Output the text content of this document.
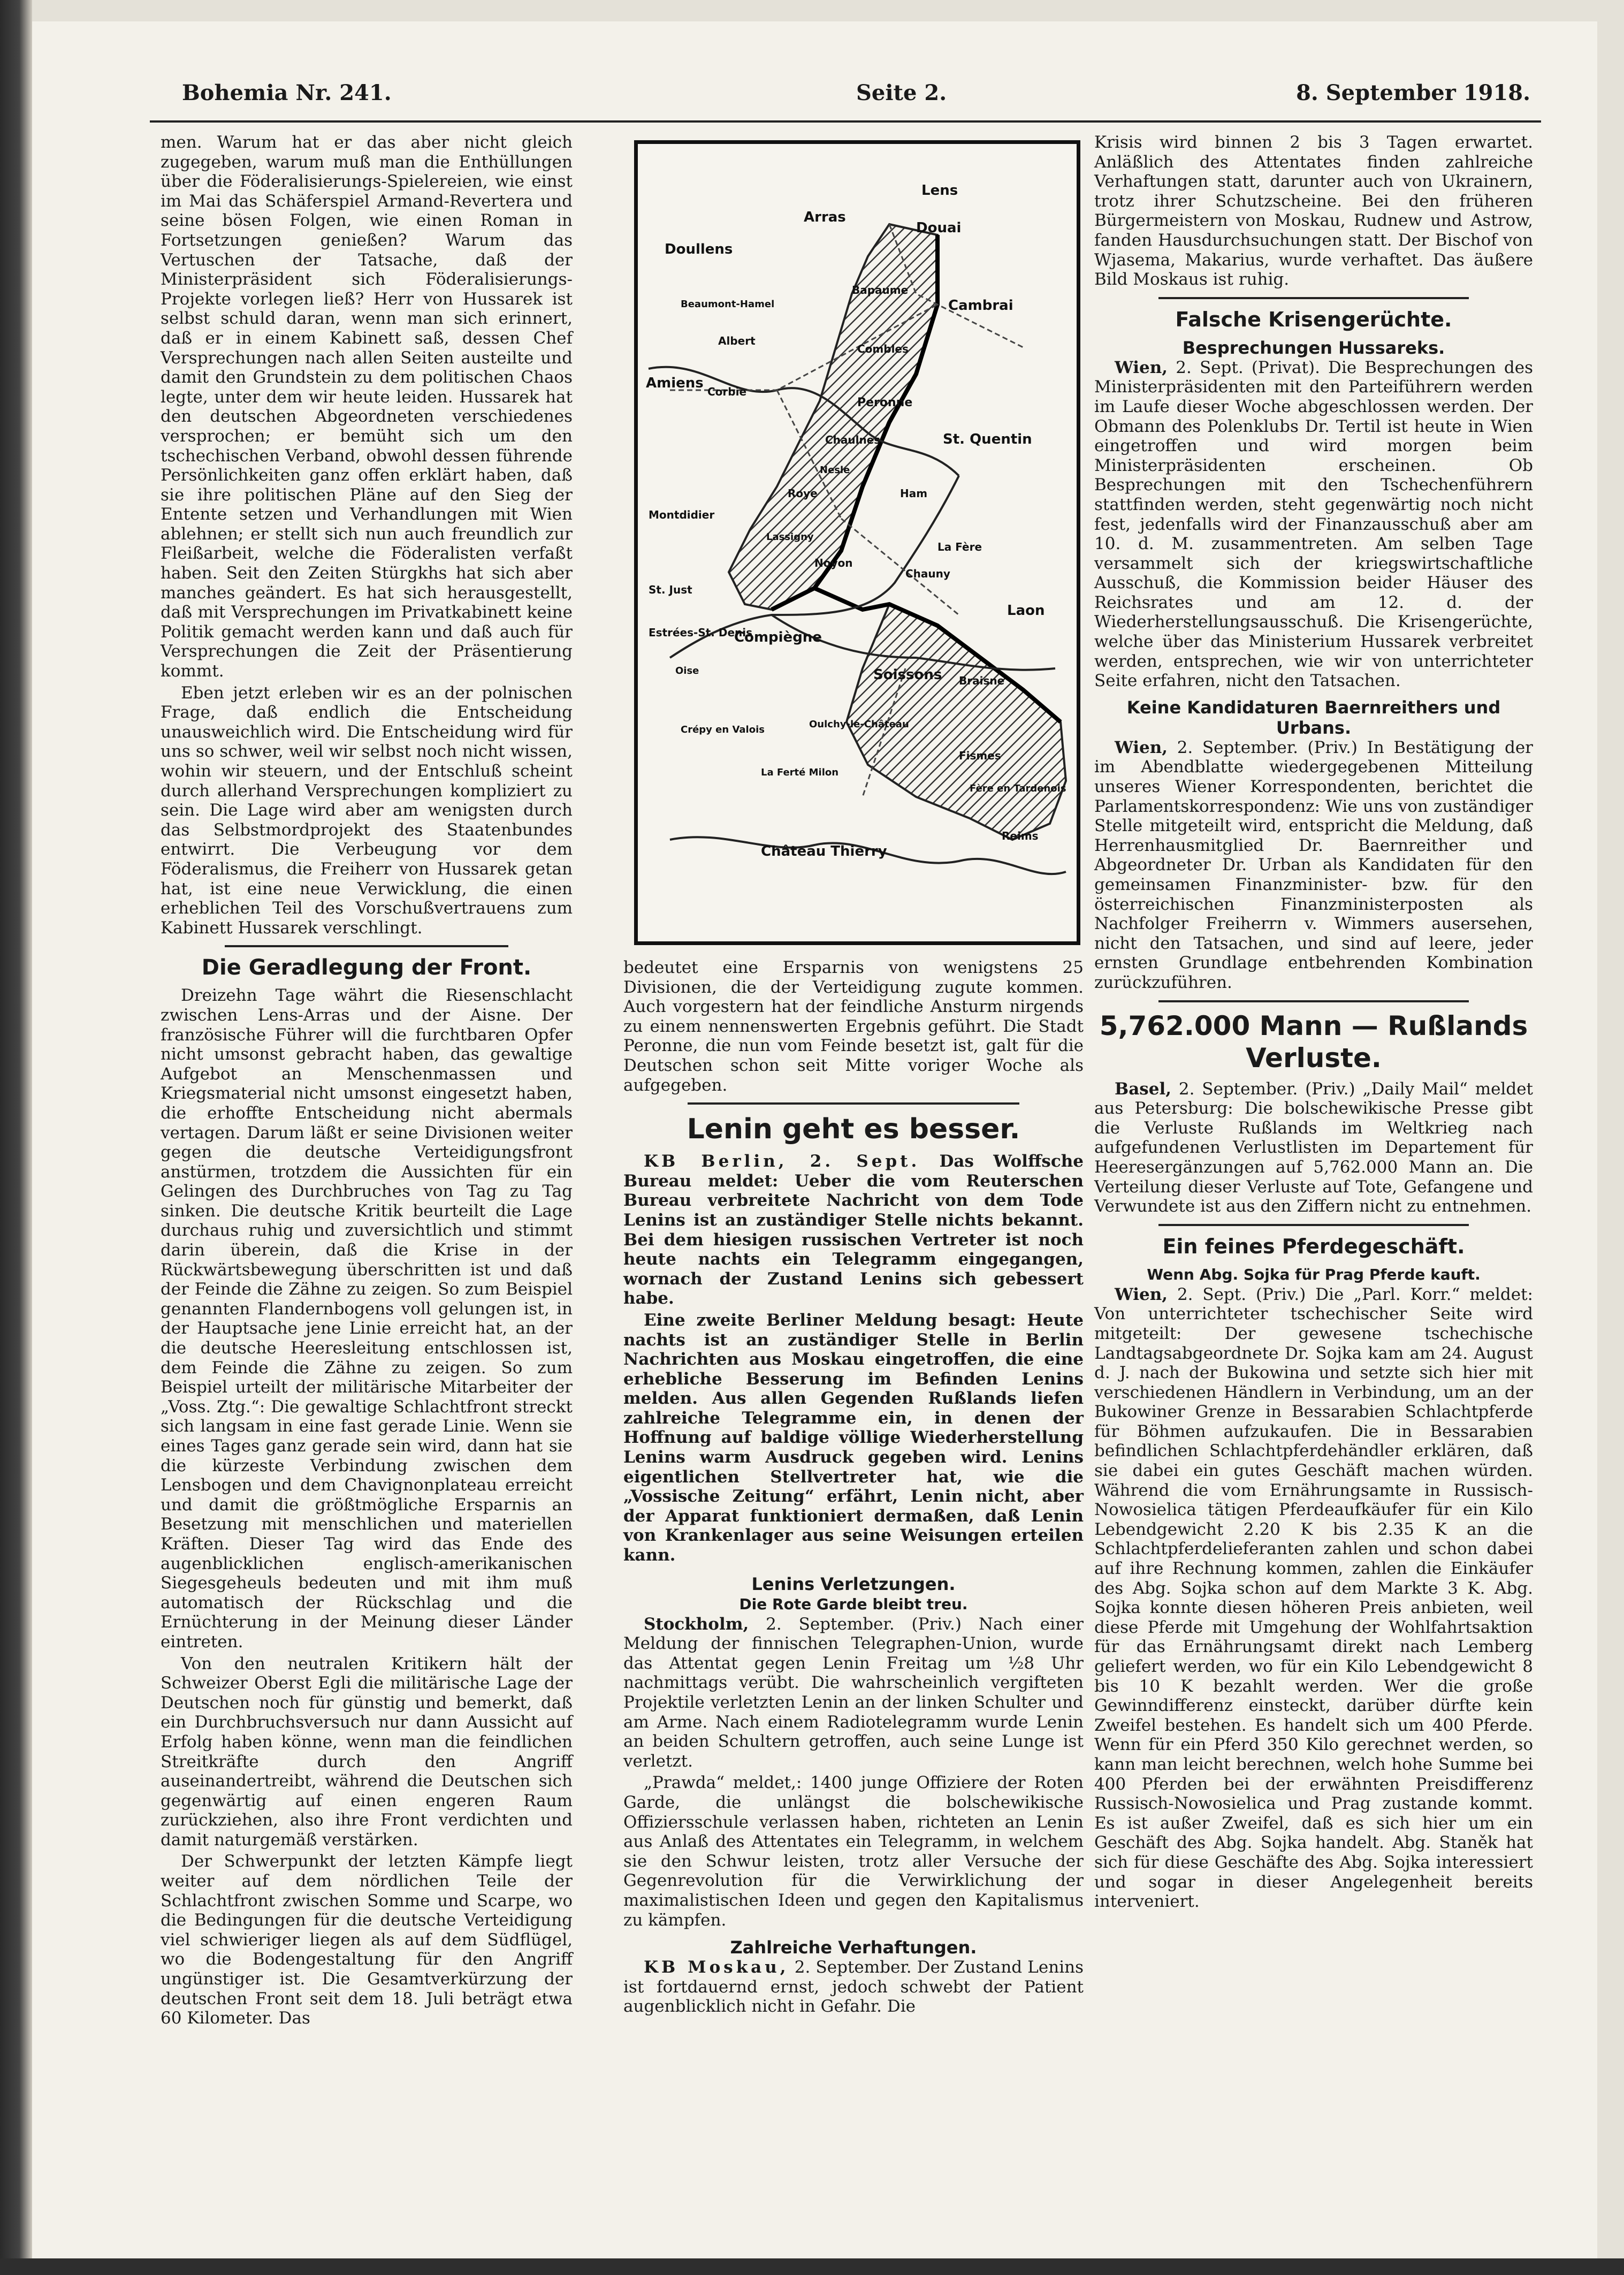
Bohemia Nr. 241.	Seite 2.	8. September 1918.

men. Warum hat er das aber nicht gleich zugegeben, warum muß man die Enthüllungen über die Föderalisierungs-Spielereien, wie einst im Mai das Schäferspiel Armand-Revertera und seine bösen Folgen, wie einen Roman in Fortsetzungen genießen? Warum das Vertuschen der Tatsache, daß der Ministerpräsident sich Föderalisierungs-Projekte vorlegen ließ? Herr von Hussarek ist selbst schuld daran, wenn man sich erinnert, daß er in einem Kabinett saß, dessen Chef Versprechungen nach allen Seiten austeilte und damit den Grundstein zu dem politischen Chaos legte, unter dem wir heute leiden. Hussarek hat den deutschen Abgeordneten verschiedenes versprochen; er bemüht sich um den tschechischen Verband, obwohl dessen führende Persönlichkeiten ganz offen erklärt haben, daß sie ihre politischen Pläne auf den Sieg der Entente setzen und Verhandlungen mit Wien ablehnen; er stellt sich nun auch freundlich zur Fleißarbeit, welche die Föderalisten verfaßt haben. Seit den Zeiten Stürgkhs hat sich aber manches geändert. Es hat sich herausgestellt, daß mit Versprechungen im Privatkabinett keine Politik gemacht werden kann und daß auch für Versprechungen die Zeit der Präsentierung kommt.

Eben jetzt erleben wir es an der polnischen Frage, daß endlich die Entscheidung unausweichlich wird. Die Entscheidung wird für uns so schwer, weil wir selbst noch nicht wissen, wohin wir steuern, und der Entschluß scheint durch allerhand Versprechungen kompliziert zu sein. Die Lage wird aber am wenigsten durch das Selbstmordprojekt des Staatenbundes entwirrt. Die Verbeugung vor dem Föderalismus, die Freiherr von Hussarek getan hat, ist eine neue Verwicklung, die einen erheblichen Teil des Vorschußvertrauens zum Kabinett Hussarek verschlingt.

Die Geradlegung der Front.

Dreizehn Tage währt die Riesenschlacht zwischen Lens-Arras und der Aisne. Der französische Führer will die furchtbaren Opfer nicht umsonst gebracht haben, das gewaltige Aufgebot an Menschenmassen und Kriegsmaterial nicht umsonst eingesetzt haben, die erhoffte Entscheidung nicht abermals vertagen. Darum läßt er seine Divisionen weiter gegen die deutsche Verteidigungsfront anstürmen, trotzdem die Aussichten für ein Gelingen des Durchbruches von Tag zu Tag sinken. Die deutsche Kritik beurteilt die Lage durchaus ruhig und zuversichtlich und stimmt darin überein, daß die Krise in der Rückwärtsbewegung überschritten ist und daß der Feinde die Zähne zu zeigen. So zum Beispiel genannten Flandernbogens voll gelungen ist, in der Hauptsache jene Linie erreicht hat, an der die deutsche Heeresleitung entschlossen ist, dem Feinde die Zähne zu zeigen. So zum Beispiel urteilt der militärische Mitarbeiter der „Voss. Ztg.“: Die gewaltige Schlachtfront streckt sich langsam in eine fast gerade Linie. Wenn sie eines Tages ganz gerade sein wird, dann hat sie die kürzeste Verbindung zwischen dem Lensbogen und dem Chavignonplateau erreicht und damit die größtmögliche Ersparnis an Besetzung mit menschlichen und materiellen Kräften. Dieser Tag wird das Ende des augenblicklichen englisch-amerikanischen Siegesgeheuls bedeuten und mit ihm muß automatisch der Rückschlag und die Ernüchterung in der Meinung dieser Länder eintreten.

Von den neutralen Kritikern hält der Schweizer Oberst Egli die militärische Lage der Deutschen noch für günstig und bemerkt, daß ein Durchbruchsversuch nur dann Aussicht auf Erfolg haben könne, wenn man die feindlichen Streitkräfte durch den Angriff auseinandertreibt, während die Deutschen sich gegenwärtig auf einen engeren Raum zurückziehen, also ihre Front verdichten und damit naturgemäß verstärken.

Der Schwerpunkt der letzten Kämpfe liegt weiter auf dem nördlichen Teile der Schlachtfront zwischen Somme und Scarpe, wo die Bedingungen für die deutsche Verteidigung viel schwieriger liegen als auf dem Südflügel, wo die Bodengestaltung für den Angriff ungünstiger ist. Die Gesamtverkürzung der deutschen Front seit dem 18. Juli beträgt etwa 60 Kilometer. Das

Lens
Arras
Douai
Doullens
Bapaume
Cambrai
Beaumont-Hamel
Albert
Combles
Amiens
Corbie
Peronne
Chaulnes	St. Quentin
Roye
Nesle
Ham
Montdidier
Lassigny
Noyon
La Fère
Chauny
Laon
St. Just
Estrées-St. Denis
Compiègne
Soissons Braisne
Fismes
Oise
Crépy en Valois	Oulchy-le-Château
La Ferté Milon
Château Thierry
Fère en Tardenois
Reims

bedeutet eine Ersparnis von wenigstens 25 Divisionen, die der Verteidigung zugute kommen. Auch vorgestern hat der feindliche Ansturm nirgends zu einem nennenswerten Ergebnis geführt. Die Stadt Peronne, die nun vom Feinde besetzt ist, galt für die Deutschen schon seit Mitte voriger Woche als aufgegeben.

Lenin geht es besser.

KB Berlin, 2. Sept. Das Wolffsche Bureau meldet: Ueber die vom Reuterschen Bureau verbreitete Nachricht von dem Tode Lenins ist an zuständiger Stelle nichts bekannt. Bei dem hiesigen russischen Vertreter ist noch heute nachts ein Telegramm eingegangen, wornach der Zustand Lenins sich gebessert habe.

Eine zweite Berliner Meldung besagt: Heute nachts ist an zuständiger Stelle in Berlin Nachrichten aus Moskau eingetroffen, die eine erhebliche Besserung im Befinden Lenins melden. Aus allen Gegenden Rußlands liefen zahlreiche Telegramme ein, in denen der Hoffnung auf baldige völlige Wiederherstellung Lenins warm Ausdruck gegeben wird. Lenins eigentlichen Stellvertreter hat, wie die „Vossische Zeitung“ erfährt, Lenin nicht, aber der Apparat funktioniert dermaßen, daß Lenin von Krankenlager aus seine Weisungen erteilen kann.

Lenins Verletzungen.
Die Rote Garde bleibt treu.

Stockholm, 2. September. (Priv.) Nach einer Meldung der finnischen Telegraphen-Union, wurde das Attentat gegen Lenin Freitag um ½8 Uhr nachmittags verübt. Die wahrscheinlich vergifteten Projektile verletzten Lenin an der linken Schulter und am Arme. Nach einem Radiotelegramm wurde Lenin an beiden Schultern getroffen, auch seine Lunge ist verletzt.

„Prawda“ meldet,: 1400 junge Offiziere der Roten Garde, die unlängst die bolschewikische Offiziersschule verlassen haben, richteten an Lenin aus Anlaß des Attentates ein Telegramm, in welchem sie den Schwur leisten, trotz aller Versuche der Gegenrevolution für die Verwirklichung der maximalistischen Ideen und gegen den Kapitalismus zu kämpfen.

Zahlreiche Verhaftungen.

KB Moskau, 2. September. Der Zustand Lenins ist fortdauernd ernst, jedoch schwebt der Patient augenblicklich nicht in Gefahr. Die

Krisis wird binnen 2 bis 3 Tagen erwartet. Anläßlich des Attentates finden zahlreiche Verhaftungen statt, darunter auch von Ukrainern, trotz ihrer Schutzscheine. Bei den früheren Bürgermeistern von Moskau, Rudnew und Astrow, fanden Hausdurchsuchungen statt. Der Bischof von Wjasema, Makarius, wurde verhaftet. Das äußere Bild Moskaus ist ruhig.

Falsche Krisengerüchte.
Besprechungen Hussareks.

Wien, 2. Sept. (Privat). Die Besprechungen des Ministerpräsidenten mit den Parteiführern werden im Laufe dieser Woche abgeschlossen werden. Der Obmann des Polenklubs Dr. Tertil ist heute in Wien eingetroffen und wird morgen beim Ministerpräsidenten erscheinen. Ob Besprechungen mit den Tschechenführern stattfinden werden, steht gegenwärtig noch nicht fest, jedenfalls wird der Finanzausschuß aber am 10. d. M. zusammentreten. Am selben Tage versammelt sich der kriegswirtschaftliche Ausschuß, die Kommission beider Häuser des Reichsrates und am 12. d. der Wiederherstellungsausschuß. Die Krisengerüchte, welche über das Ministerium Hussarek verbreitet werden, entsprechen, wie wir von unterrichteter Seite erfahren, nicht den Tatsachen.

Keine Kandidaturen Baernreithers und Urbans.

Wien, 2. September. (Priv.) In Bestätigung der im Abendblatte wiedergegebenen Mitteilung unseres Wiener Korrespondenten, berichtet die Parlamentskorrespondenz: Wie uns von zuständiger Stelle mitgeteilt wird, entspricht die Meldung, daß Herrenhausmitglied Dr. Baernreither und Abgeordneter Dr. Urban als Kandidaten für den gemeinsamen Finanzminister- bzw. für den österreichischen Finanzministerposten als Nachfolger Freiherrn v. Wimmers ausersehen, nicht den Tatsachen, und sind auf leere, jeder ernsten Grundlage entbehrenden Kombination zurückzuführen.

5,762.000 Mann — Rußlands Verluste.

Basel, 2. September. (Priv.) „Daily Mail“ meldet aus Petersburg: Die bolschewikische Presse gibt die Verluste Rußlands im Weltkrieg nach aufgefundenen Verlustlisten im Departement für Heeresergänzungen auf 5,762.000 Mann an. Die Verteilung dieser Verluste auf Tote, Gefangene und Verwundete ist aus den Ziffern nicht zu entnehmen.

Ein feines Pferdegeschäft.
Wenn Abg. Sojka für Prag Pferde kauft.

Wien, 2. Sept. (Priv.) Die „Parl. Korr.“ meldet: Von unterrichteter tschechischer Seite wird mitgeteilt: Der gewesene tschechische Landtagsabgeordnete Dr. Sojka kam am 24. August d. J. nach der Bukowina und setzte sich hier mit verschiedenen Händlern in Verbindung, um an der Bukowiner Grenze in Bessarabien Schlachtpferde für Böhmen aufzukaufen. Die in Bessarabien befindlichen Schlachtpferdehändler erklären, daß sie dabei ein gutes Geschäft machen würden. Während die vom Ernährungsamte in Russisch-Nowosielica tätigen Pferdeaufkäufer für ein Kilo Lebendgewicht 2.20 K bis 2.35 K an die Schlachtpferdelieferanten zahlen und schon dabei auf ihre Rechnung kommen, zahlen die Einkäufer des Abg. Sojka schon auf dem Markte 3 K. Abg. Sojka konnte diesen höheren Preis anbieten, weil diese Pferde mit Umgehung der Wohlfahrtsaktion für das Ernährungsamt direkt nach Lemberg geliefert werden, wo für ein Kilo Lebendgewicht 8 bis 10 K bezahlt werden. Wer die große Gewinndifferenz einsteckt, darüber dürfte kein Zweifel bestehen. Es handelt sich um 400 Pferde. Wenn für ein Pferd 350 Kilo gerechnet werden, so kann man leicht berechnen, welch hohe Summe bei 400 Pferden bei der erwähnten Preisdifferenz Russisch-Nowosielica und Prag zustande kommt. Es ist außer Zweifel, daß es sich hier um ein Geschäft des Abg. Sojka handelt. Abg. Staněk hat sich für diese Geschäfte des Abg. Sojka interessiert und sogar in dieser Angelegenheit bereits interveniert.
